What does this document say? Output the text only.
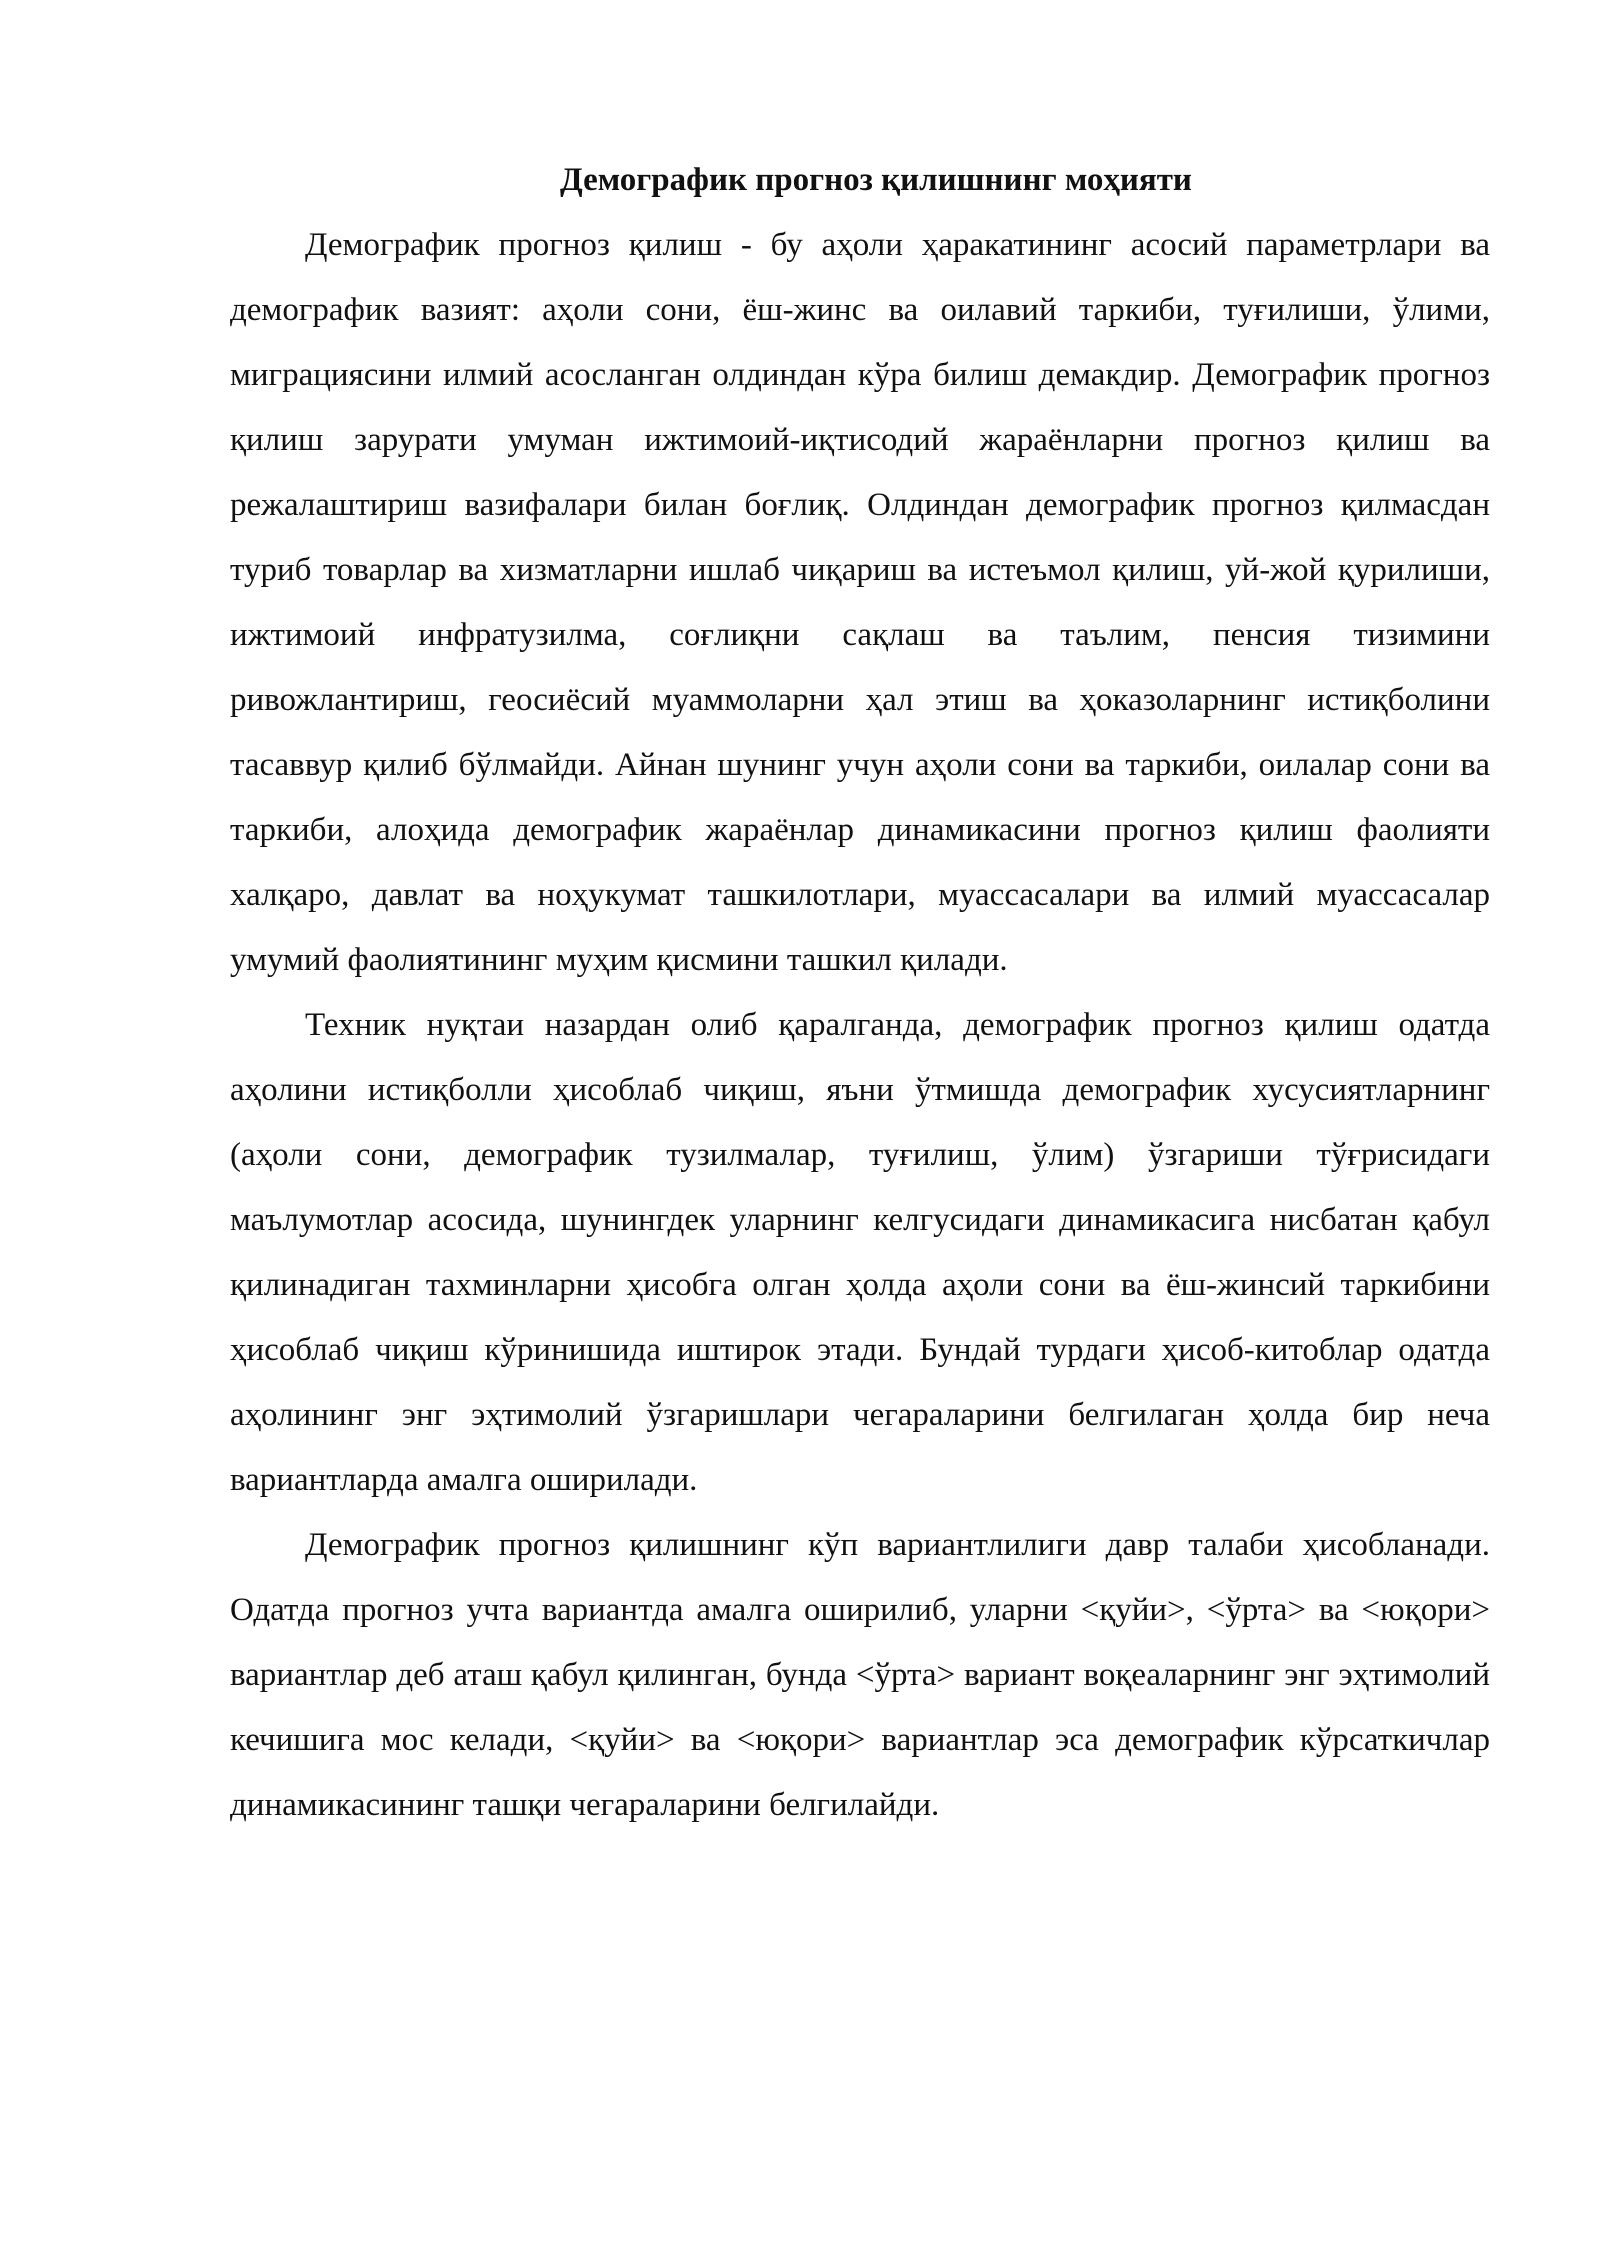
Демографик прогноз қилишнинг моҳияти

Демографик прогноз қилиш - бу аҳоли ҳаракатининг асосий параметрлари ва демографик вазият: аҳоли сони, ёш-жинс ва оилавий таркиби, туғилиши, ўлими, миграциясини илмий асосланган олдиндан кўра билиш демакдир. Демографик прогноз қилиш зарурати умуман ижтимоий-иқтисодий жараёнларни прогноз қилиш ва режалаштириш вазифалари билан боғлиқ. Олдиндан демографик прогноз қилмасдан туриб товарлар ва хизматларни ишлаб чиқариш ва истеъмол қилиш, уй-жой қурилиши, ижтимоий инфратузилма, соғлиқни сақлаш ва таълим, пенсия тизимини ривожлантириш, геосиёсий муаммоларни ҳал этиш ва ҳоказоларнинг истиқболини тасаввур қилиб бўлмайди. Айнан шунинг учун аҳоли сони ва таркиби, оилалар сони ва таркиби, алоҳида демографик жараёнлар динамикасини прогноз қилиш фаолияти халқаро, давлат ва ноҳукумат ташкилотлари, муассасалари ва илмий муассасалар умумий фаолиятининг муҳим қисмини ташкил қилади.

Техник нуқтаи назардан олиб қаралганда, демографик прогноз қилиш одатда аҳолини истиқболли ҳисоблаб чиқиш, яъни ўтмишда демографик хусусиятларнинг (аҳоли сони, демографик тузилмалар, туғилиш, ўлим) ўзгариши тўғрисидаги маълумотлар асосида, шунингдек уларнинг келгусидаги динамикасига нисбатан қабул қилинадиган тахминларни ҳисобга олган ҳолда аҳоли сони ва ёш-жинсий таркибини ҳисоблаб чиқиш кўринишида иштирок этади. Бундай турдаги ҳисоб-китоблар одатда аҳолининг энг эҳтимолий ўзгаришлари чегараларини белгилаган ҳолда бир неча вариантларда амалга оширилади.

Демографик прогноз қилишнинг кўп вариантлилиги давр талаби ҳисобланади. Одатда прогноз учта вариантда амалга оширилиб, уларни <қуйи>, <ўрта> ва <юқори> вариантлар деб аташ қабул қилинган, бунда <ўрта> вариант воқеаларнинг энг эҳтимолий кечишига мос келади, <қуйи> ва <юқори> вариантлар эса демографик кўрсаткичлар динамикасининг ташқи чегараларини белгилайди.
